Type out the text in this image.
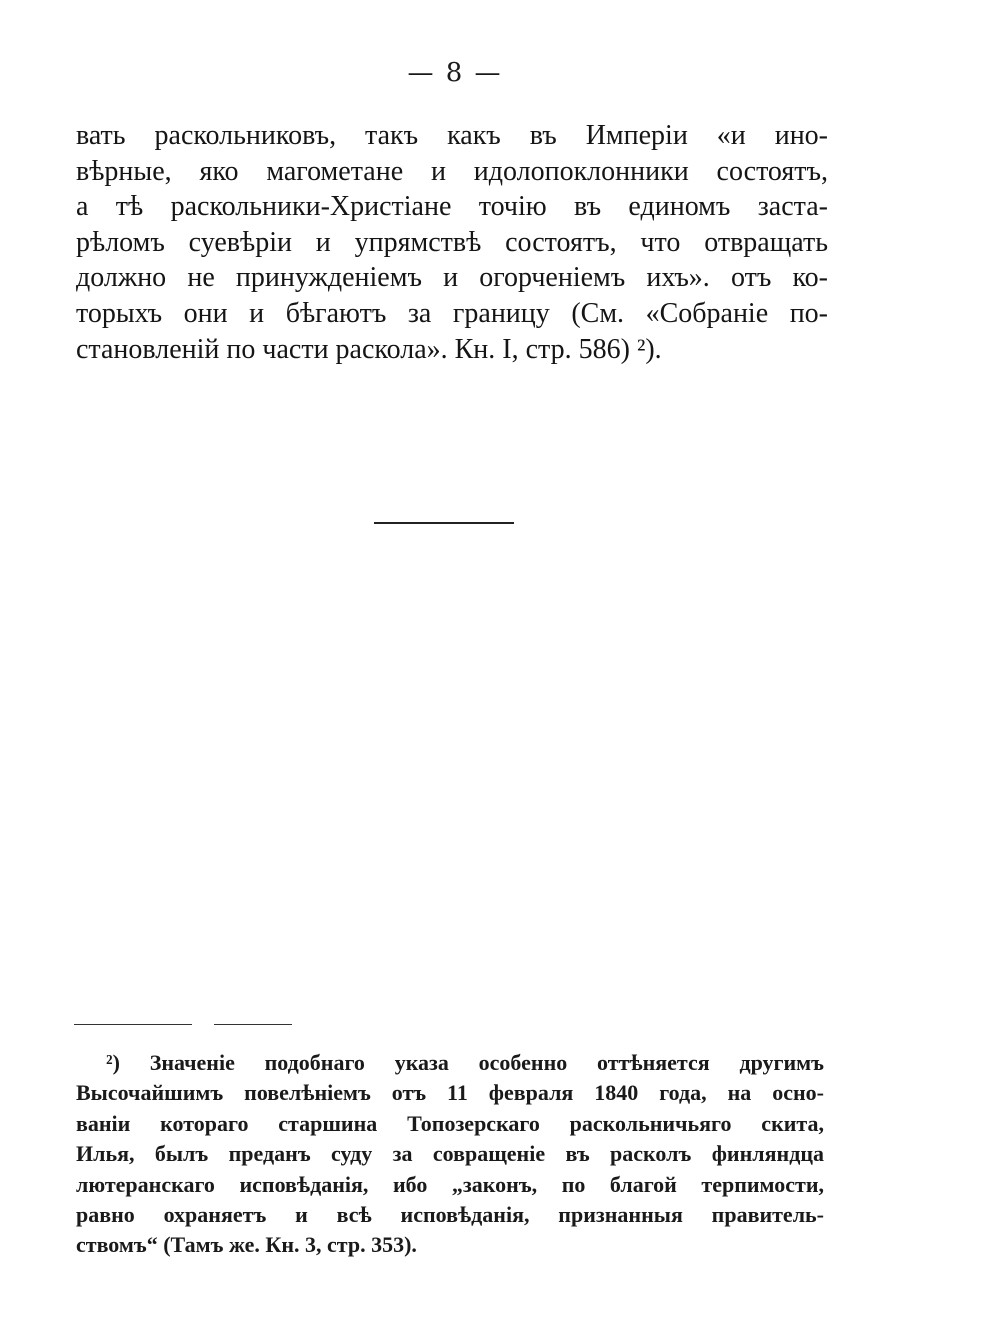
— 8 —
вать раскольниковъ, такъ какъ въ Имперіи «и ино-
вѣрные, яко магометане и идолопоклонники состоятъ,
а тѣ раскольники-Христіане точію въ единомъ заста-
рѣломъ суевѣріи и упрямствѣ состоятъ, что отвращать
должно не принужденіемъ и огорченіемъ ихъ». отъ ко-
торыхъ они и бѣгаютъ за границу (См. «Собраніе по-
становленій по части раскола». Кн. I, стр. 586) ²).
²) Значеніе подобнаго указа особенно оттѣняется другимъ
Высочайшимъ повелѣніемъ отъ 11 февраля 1840 года, на осно-
ваніи котораго старшина Топозерскаго раскольничьяго скита,
Илья, былъ преданъ суду за совращеніе въ расколъ финляндца
лютеранскаго исповѣданія, ибо „законъ, по благой терпимости,
равно охраняетъ и всѣ исповѣданія, признанныя правитель-
ствомъ“ (Тамъ же. Кн. 3, стр. 353).
